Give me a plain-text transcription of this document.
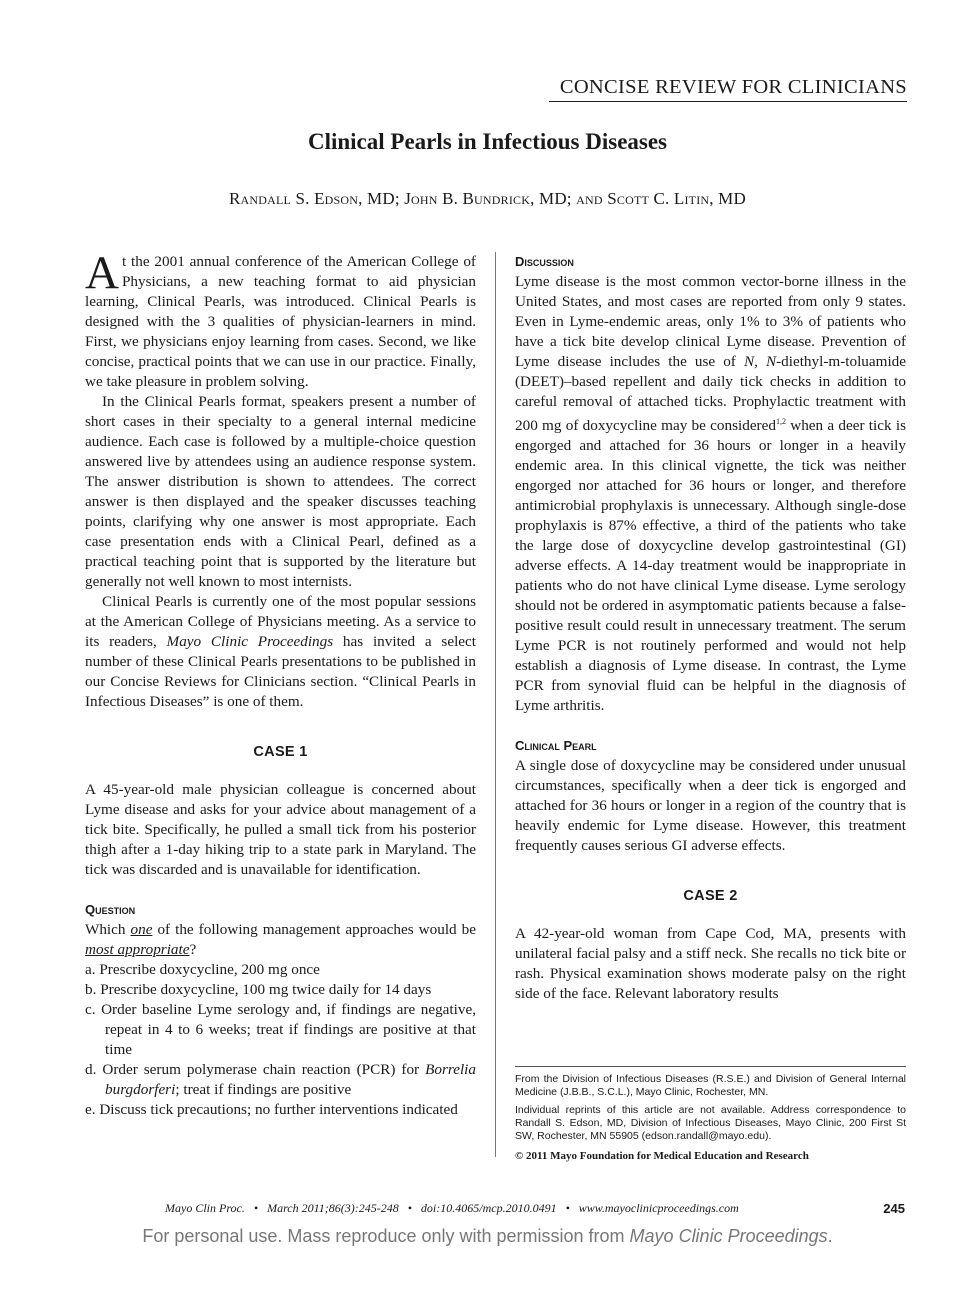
CONCISE REVIEW FOR CLINICIANS
Clinical Pearls in Infectious Diseases
Randall S. Edson, MD; John B. Bundrick, MD; and Scott C. Litin, MD

At the 2001 annual conference of the American College of Physicians, a new teaching format to aid physician learning, Clinical Pearls, was introduced. Clinical Pearls is designed with the 3 qualities of physician-learners in mind. First, we physicians enjoy learning from cases. Second, we like concise, practical points that we can use in our practice. Finally, we take pleasure in problem solving.

In the Clinical Pearls format, speakers present a number of short cases in their specialty to a general internal medicine audience. Each case is followed by a multiple-choice question answered live by attendees using an audience response system. The answer distribution is shown to attendees. The correct answer is then displayed and the speaker discusses teaching points, clarifying why one answer is most appropriate. Each case presentation ends with a Clinical Pearl, defined as a practical teaching point that is supported by the literature but generally not well known to most internists.

Clinical Pearls is currently one of the most popular sessions at the American College of Physicians meeting. As a service to its readers, Mayo Clinic Proceedings has invited a select number of these Clinical Pearls presentations to be published in our Concise Reviews for Clinicians section. “Clinical Pearls in Infectious Diseases” is one of them.

CASE 1

A 45-year-old male physician colleague is concerned about Lyme disease and asks for your advice about management of a tick bite. Specifically, he pulled a small tick from his posterior thigh after a 1-day hiking trip to a state park in Maryland. The tick was discarded and is unavailable for identification.

Question

Which one of the following management approaches would be most appropriate?

a. Prescribe doxycycline, 200 mg once

b. Prescribe doxycycline, 100 mg twice daily for 14 days

c. Order baseline Lyme serology and, if findings are negative, repeat in 4 to 6 weeks; treat if findings are positive at that time

d. Order serum polymerase chain reaction (PCR) for Borrelia burgdorferi; treat if findings are positive

e. Discuss tick precautions; no further interventions indicated

Discussion

Lyme disease is the most common vector-borne illness in the United States, and most cases are reported from only 9 states. Even in Lyme-endemic areas, only 1% to 3% of patients who have a tick bite develop clinical Lyme disease. Prevention of Lyme disease includes the use of N, N-diethyl-m-toluamide (DEET)–based repellent and daily tick checks in addition to careful removal of attached ticks. Prophylactic treatment with 200 mg of doxycycline may be considered$^{1,2}$ when a deer tick is engorged and attached for 36 hours or longer in a heavily endemic area. In this clinical vignette, the tick was neither engorged nor attached for 36 hours or longer, and therefore antimicrobial prophylaxis is unnecessary. Although single-dose prophylaxis is 87% effective, a third of the patients who take the large dose of doxycycline develop gastrointestinal (GI) adverse effects. A 14-day treatment would be inappropriate in patients who do not have clinical Lyme disease. Lyme serology should not be ordered in asymptomatic patients because a false-positive result could result in unnecessary treatment. The serum Lyme PCR is not routinely performed and would not help establish a diagnosis of Lyme disease. In contrast, the Lyme PCR from synovial fluid can be helpful in the diagnosis of Lyme arthritis.

Clinical Pearl

A single dose of doxycycline may be considered under unusual circumstances, specifically when a deer tick is engorged and attached for 36 hours or longer in a region of the country that is heavily endemic for Lyme disease. However, this treatment frequently causes serious GI adverse effects.

CASE 2

A 42-year-old woman from Cape Cod, MA, presents with unilateral facial palsy and a stiff neck. She recalls no tick bite or rash. Physical examination shows moderate palsy on the right side of the face. Relevant laboratory results

From the Division of Infectious Diseases (R.S.E.) and Division of General Internal Medicine (J.B.B., S.C.L.), Mayo Clinic, Rochester, MN.

Individual reprints of this article are not available. Address correspondence to Randall S. Edson, MD, Division of Infectious Diseases, Mayo Clinic, 200 First St SW, Rochester, MN 55905 (edson.randall@mayo.edu).

© 2011 Mayo Foundation for Medical Education and Research

Mayo Clin Proc.   •   March 2011;86(3):245-248   •   doi:10.4065/mcp.2010.0491   •   www.mayoclinicproceedings.com	245
For personal use. Mass reproduce only with permission from Mayo Clinic Proceedings.
